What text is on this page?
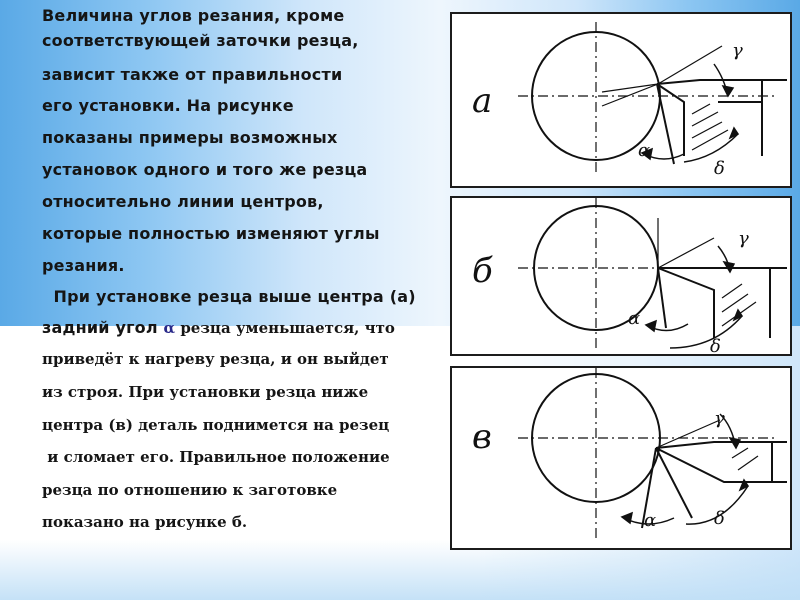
Величина углов резания, кроме
соответствующей заточки резца,
зависит также от правильности
его установки. На рисунке
показаны примеры возможных
установок одного и того же резца
относительно линии центров,
которые полностью изменяют углы
резания.
При установке резца выше центра (а)
задний угол α резца уменьшается, что
приведёт к нагреву резца, и он выйдет
из строя. При установки резца ниже
центра (в) деталь поднимется на резец
и сломает его. Правильное положение
резца по отношению к заготовке
показано на рисунке б.
а
γ
α
δ
б
γ
α
δ
в	γ
α	δ
